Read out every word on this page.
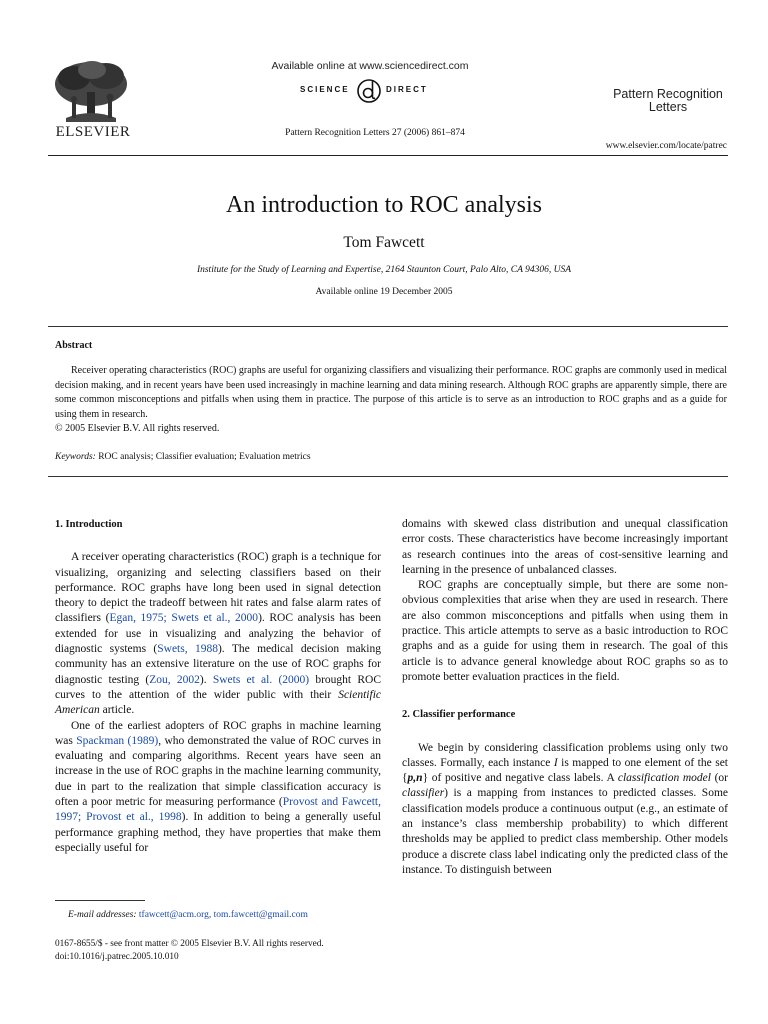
ELSEVIER
Available online at www.sciencedirect.com
SCIENCE	DIRECT
Pattern Recognition Letters 27 (2006) 861–874
Pattern Recognition
Letters
www.elsevier.com/locate/patrec
An introduction to ROC analysis
Tom Fawcett
Institute for the Study of Learning and Expertise, 2164 Staunton Court, Palo Alto, CA 94306, USA
Available online 19 December 2005
Abstract

Receiver operating characteristics (ROC) graphs are useful for organizing classifiers and visualizing their performance. ROC graphs are commonly used in medical decision making, and in recent years have been used increasingly in machine learning and data mining research. Although ROC graphs are apparently simple, there are some common misconceptions and pitfalls when using them in practice. The purpose of this article is to serve as an introduction to ROC graphs and as a guide for using them in research.

© 2005 Elsevier B.V. All rights reserved.

Keywords: ROC analysis; Classifier evaluation; Evaluation metrics

1. Introduction

A receiver operating characteristics (ROC) graph is a technique for visualizing, organizing and selecting classifiers based on their performance. ROC graphs have long been used in signal detection theory to depict the tradeoff between hit rates and false alarm rates of classifiers (Egan, 1975; Swets et al., 2000). ROC analysis has been extended for use in visualizing and analyzing the behavior of diagnostic systems (Swets, 1988). The medical decision making community has an extensive literature on the use of ROC graphs for diagnostic testing (Zou, 2002). Swets et al. (2000) brought ROC curves to the attention of the wider public with their Scientific American article.

One of the earliest adopters of ROC graphs in machine learning was Spackman (1989), who demonstrated the value of ROC curves in evaluating and comparing algorithms. Recent years have seen an increase in the use of ROC graphs in the machine learning community, due in part to the realization that simple classification accuracy is often a poor metric for measuring performance (Provost and Fawcett, 1997; Provost et al., 1998). In addition to being a generally useful performance graphing method, they have properties that make them especially useful for

domains with skewed class distribution and unequal classification error costs. These characteristics have become increasingly important as research continues into the areas of cost-sensitive learning and learning in the presence of unbalanced classes.

ROC graphs are conceptually simple, but there are some non-obvious complexities that arise when they are used in research. There are also common misconceptions and pitfalls when using them in practice. This article attempts to serve as a basic introduction to ROC graphs and as a guide for using them in research. The goal of this article is to advance general knowledge about ROC graphs so as to promote better evaluation practices in the field.

2. Classifier performance

We begin by considering classification problems using only two classes. Formally, each instance I is mapped to one element of the set {p,n} of positive and negative class labels. A classification model (or classifier) is a mapping from instances to predicted classes. Some classification models produce a continuous output (e.g., an estimate of an instance’s class membership probability) to which different thresholds may be applied to predict class membership. Other models produce a discrete class label indicating only the predicted class of the instance. To distinguish between

E-mail addresses: tfawcett@acm.org, tom.fawcett@gmail.com
0167-8655/$ - see front matter © 2005 Elsevier B.V. All rights reserved.
doi:10.1016/j.patrec.2005.10.010
